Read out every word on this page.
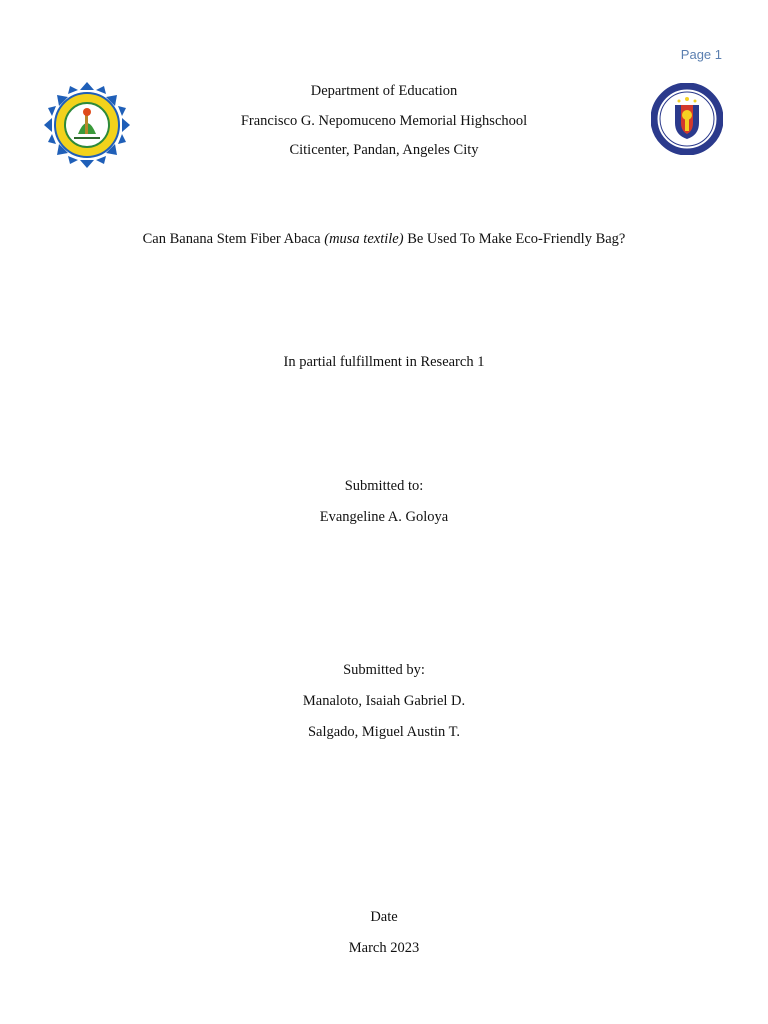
Page 1
Department of Education
Francisco G. Nepomuceno Memorial Highschool
Citicenter, Pandan, Angeles City
Can Banana Stem Fiber Abaca (musa textile) Be Used To Make Eco-Friendly Bag?
In partial fulfillment in Research 1
Submitted to:
Evangeline A. Goloya
Submitted by:
Manaloto, Isaiah Gabriel D.
Salgado, Miguel Austin T.
Date
March 2023
